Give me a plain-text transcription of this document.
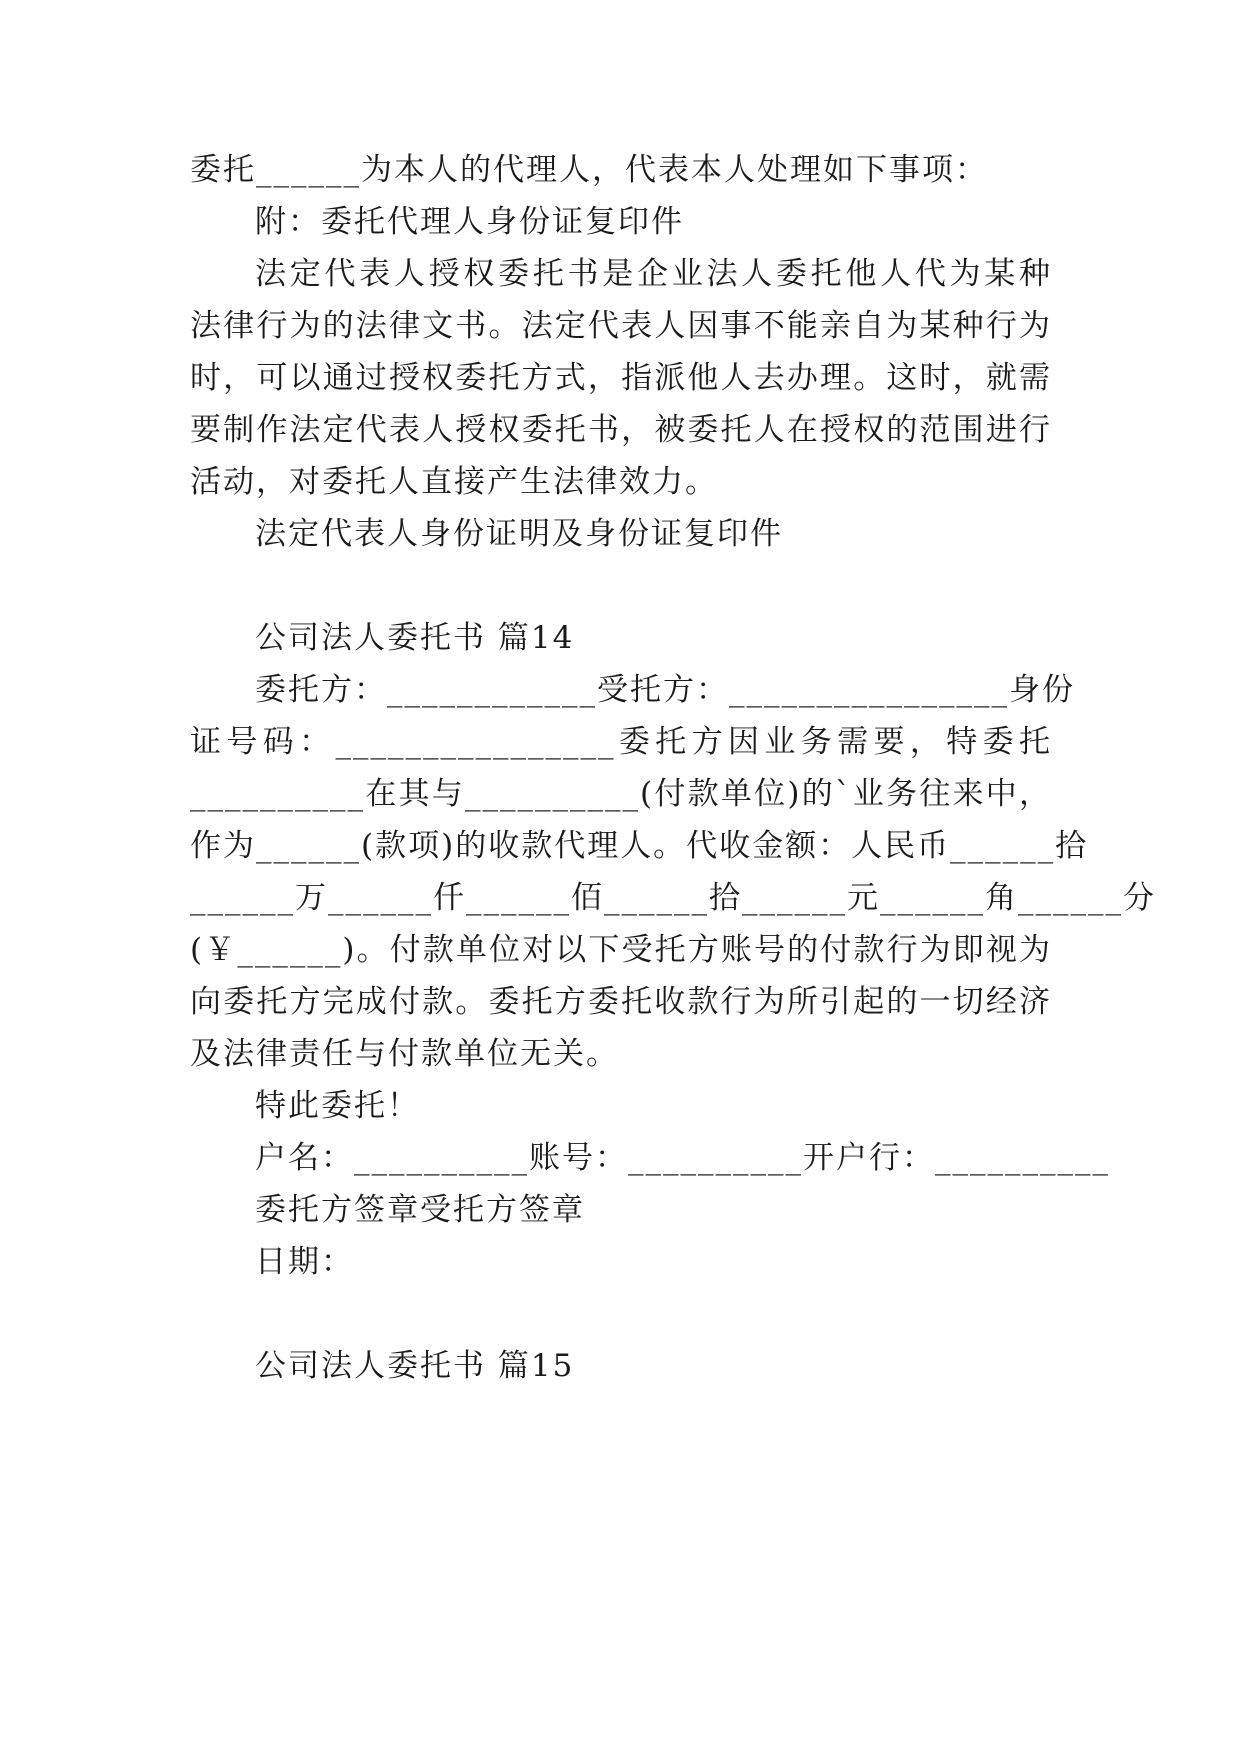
委托______为本人的代理人，代表本人处理如下事项：
附：委托代理人身份证复印件
法定代表人授权委托书是企业法人委托他人代为某种
法律行为的法律文书。法定代表人因事不能亲自为某种行为
时，可以通过授权委托方式，指派他人去办理。这时，就需
要制作法定代表人授权委托书，被委托人在授权的范围进行
活动，对委托人直接产生法律效力。
法定代表人身份证明及身份证复印件
公司法人委托书 篇14
委托方：____________受托方：________________身份
证号码：________________委托方因业务需要，特委托
__________在其与__________(付款单位)的`业务往来中，
作为______(款项)的收款代理人。代收金额：人民币______拾
______万______仟______佰______拾______元______角______分
(￥______)。付款单位对以下受托方账号的付款行为即视为
向委托方完成付款。委托方委托收款行为所引起的一切经济
及法律责任与付款单位无关。
特此委托！
户名：__________账号：__________开户行：__________
委托方签章受托方签章
日期：
公司法人委托书 篇15
